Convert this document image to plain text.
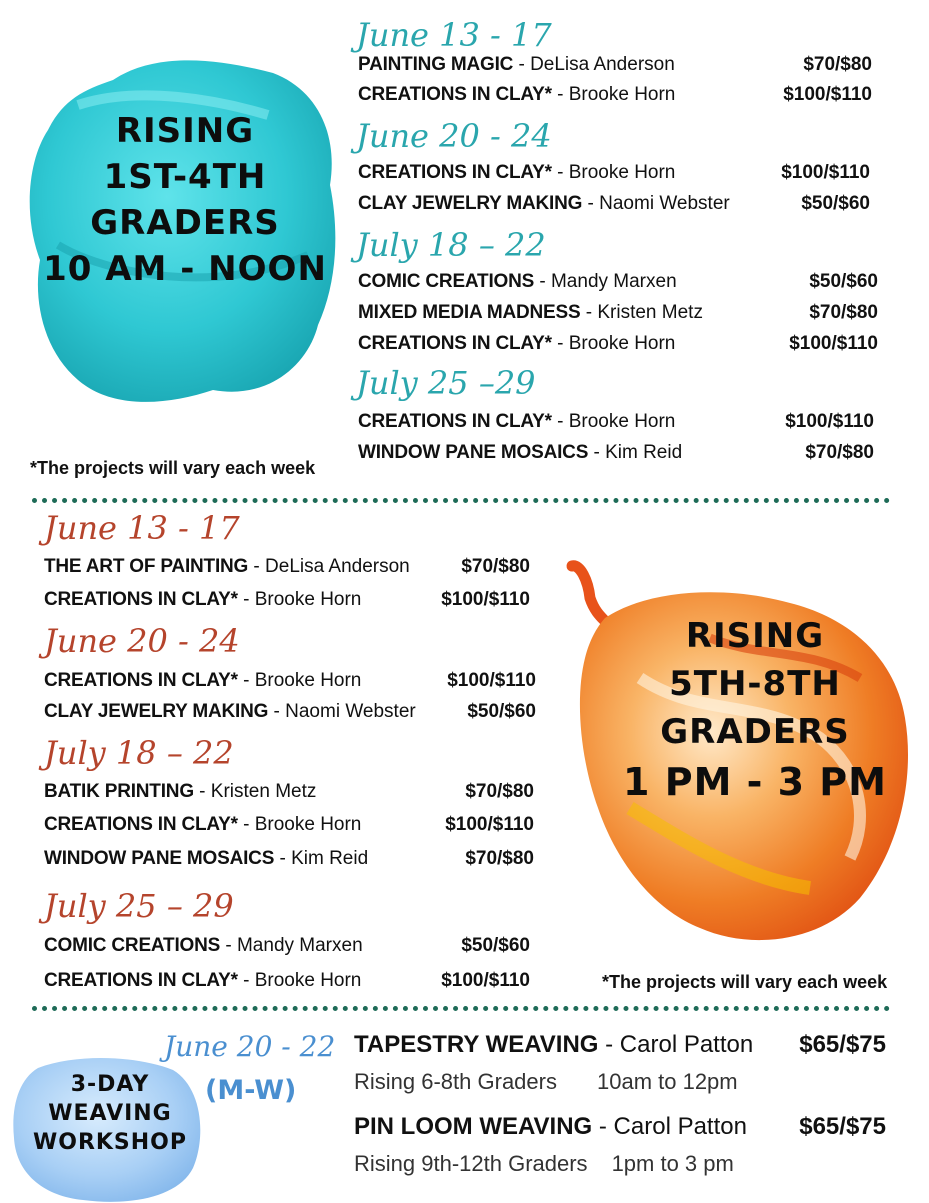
RISING
1ST-4TH
GRADERS
10 AM - NOON
June 13 - 17
PAINTING MAGIC - DeLisa Anderson	$70/$80
CREATIONS IN CLAY* - Brooke Horn	$100/$110
June 20 - 24
CREATIONS IN CLAY* - Brooke Horn	$100/$110
CLAY JEWELRY MAKING - Naomi Webster	$50/$60
July 18 – 22
COMIC CREATIONS - Mandy Marxen	$50/$60
MIXED MEDIA MADNESS - Kristen Metz	$70/$80
CREATIONS IN CLAY* - Brooke Horn	$100/$110
July 25 –29
CREATIONS IN CLAY* - Brooke Horn	$100/$110
WINDOW PANE MOSAICS - Kim Reid	$70/$80
*The projects will vary each week
June 13 - 17
THE ART OF PAINTING - DeLisa Anderson	$70/$80
CREATIONS IN CLAY* - Brooke Horn	$100/$110
June 20 - 24
CREATIONS IN CLAY* - Brooke Horn	$100/$110
CLAY JEWELRY MAKING - Naomi Webster	$50/$60
July 18 – 22
BATIK PRINTING - Kristen Metz	$70/$80
CREATIONS IN CLAY* - Brooke Horn	$100/$110
WINDOW PANE MOSAICS - Kim Reid	$70/$80
July 25 – 29
COMIC CREATIONS - Mandy Marxen	$50/$60
CREATIONS IN CLAY* - Brooke Horn	$100/$110
RISING
5TH-8TH
GRADERS
1 PM - 3 PM
*The projects will vary each week
3-DAY
WEAVING
WORKSHOP
June 20 - 22
(M-W)
TAPESTRY WEAVING - Carol Patton	$65/$75
Rising 6-8th Graders 10am to 12pm
PIN LOOM WEAVING - Carol Patton	$65/$75
Rising 9th-12th Graders 1pm to 3 pm
